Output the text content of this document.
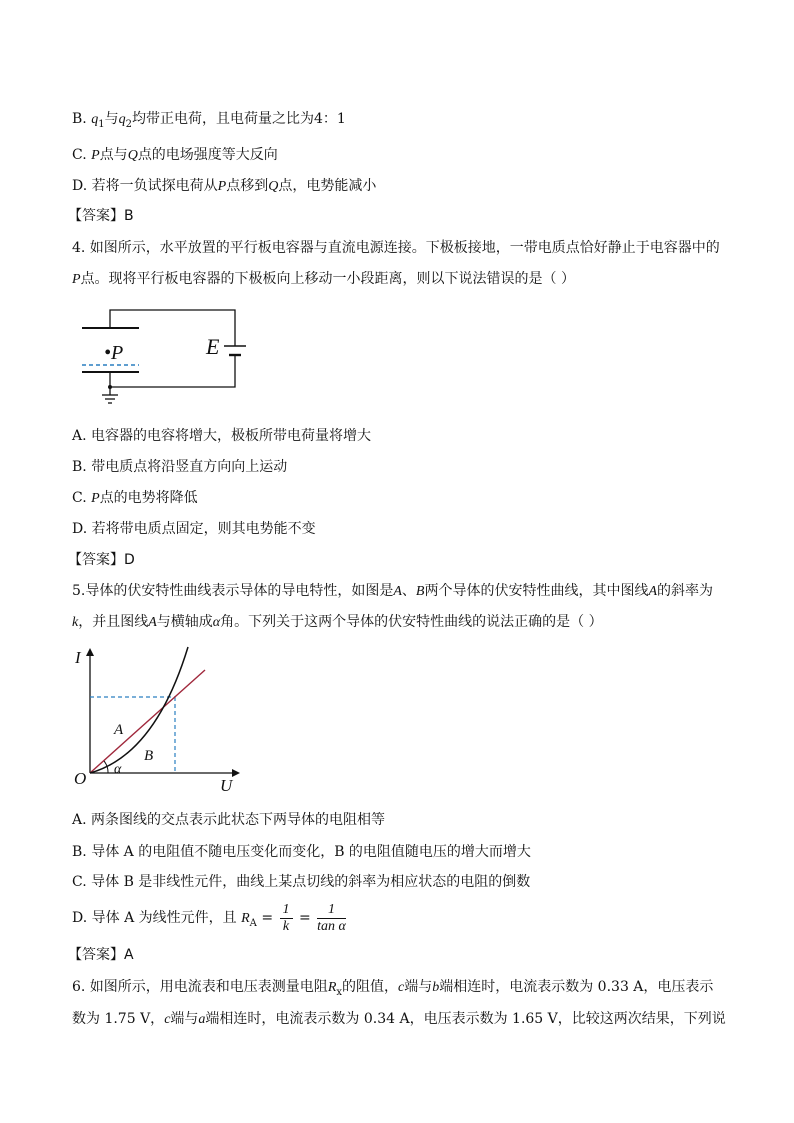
B. $q_1$与$q_2$均带正电荷，且电荷量之比为4：1
C. P点与Q点的电场强度等大反向
D. 若将一负试探电荷从P点移到Q点，电势能减小
【答案】B
4. 如图所示，水平放置的平行板电容器与直流电源连接。下极板接地，一带电质点恰好静止于电容器中的
P点。现将平行板电容器的下极板向上移动一小段距离，则以下说法错误的是（ ）
•P	E
A. 电容器的电容将增大，极板所带电荷量将增大
B. 带电质点将沿竖直方向向上运动
C. P点的电势将降低
D. 若将带电质点固定，则其电势能不变
【答案】D
5.导体的伏安特性曲线表示导体的导电特性，如图是A、B两个导体的伏安特性曲线，其中图线A的斜率为
k，并且图线A与横轴成α角。下列关于这两个导体的伏安特性曲线的说法正确的是（ ）
I
U
O
A
B
α
A. 两条图线的交点表示此状态下两导体的电阻相等
B. 导体 A 的电阻值不随电压变化而变化，B 的电阻值随电压的增大而增大
C. 导体 B 是非线性元件，曲线上某点切线的斜率为相应状态的电阻的倒数
D. 导体 A 为线性元件，且 $R_A = \frac{1}{k} = \frac{1}{\text{tan α}}$
【答案】A
6. 如图所示，用电流表和电压表测量电阻$R_x$的阻值，c端与b端相连时，电流表示数为 0.33 A，电压表示
数为 1.75 V，c端与a端相连时，电流表示数为 0.34 A，电压表示数为 1.65 V，比较这两次结果，下列说
